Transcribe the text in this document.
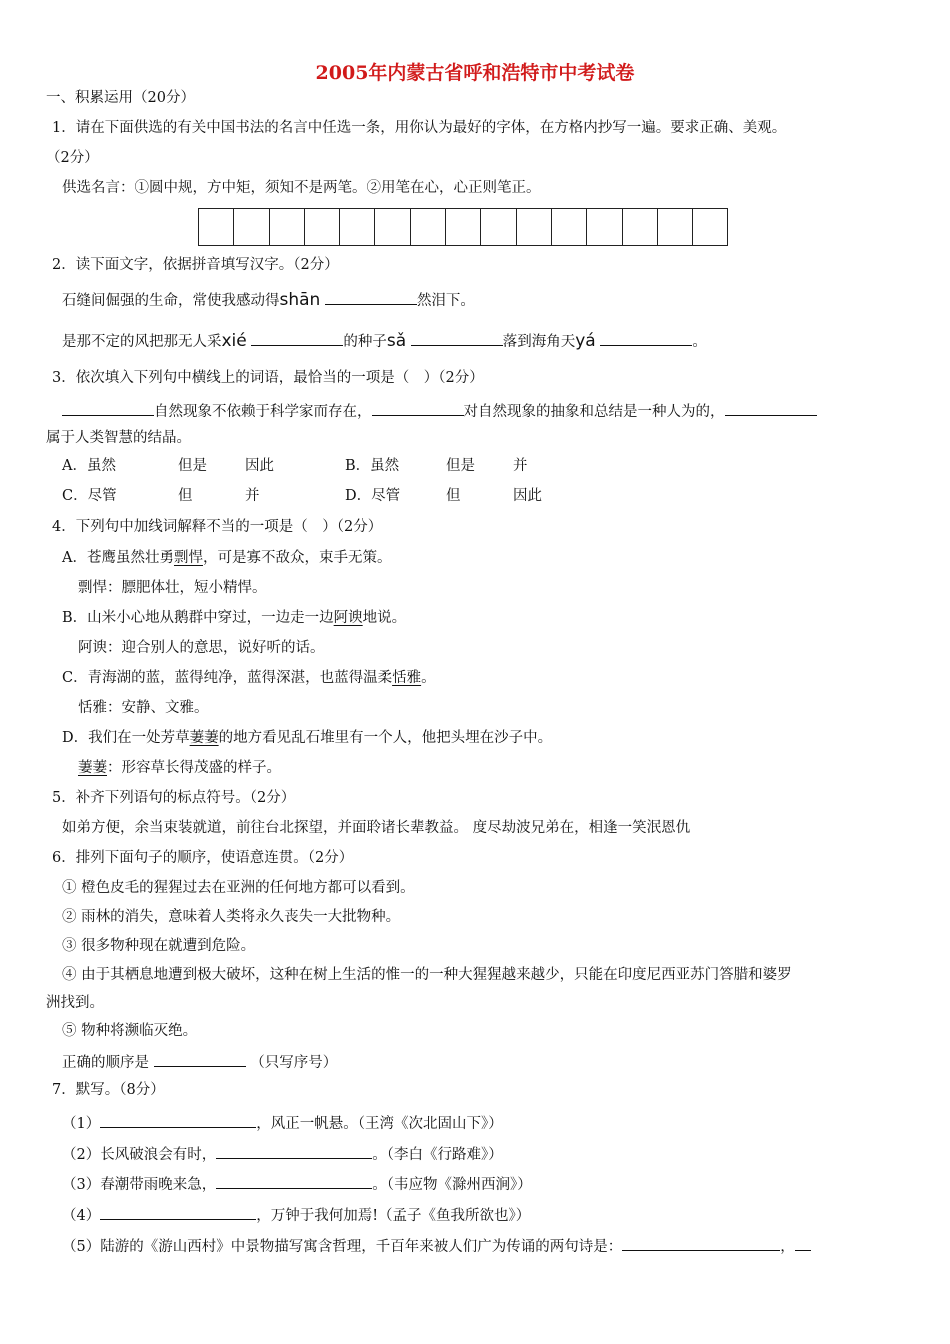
2005年内蒙古省呼和浩特市中考试卷
一、积累运用（20分）
1．请在下面供选的有关中国书法的名言中任选一条，用你认为最好的字体，在方格内抄写一遍。要求正确、美观。
（2分）
供选名言：①圆中规，方中矩，须知不是两笔。②用笔在心，心正则笔正。
2．读下面文字，依据拼音填写汉字。（2分）
石缝间倔强的生命，常使我感动得shān	然泪下。
是那不定的风把那无人采xié	的种子sǎ	落到海角天yá	。
3．依次填入下列句中横线上的词语，最恰当的一项是（　）（2分）
自然现象不依赖于科学家而存在，	对自然现象的抽象和总结是一种人为的，
属于人类智慧的结晶。
A．虽然	但是	因此	B．虽然	但是	并
C．尽管	但	并	D．尽管	但	因此
4．下列句中加线词解释不当的一项是（　）（2分）
A．苍鹰虽然壮勇剽悍，可是寡不敌众，束手无策。
剽悍：膘肥体壮，短小精悍。
B．山米小心地从鹅群中穿过，一边走一边阿谀地说。
阿谀：迎合别人的意思，说好听的话。
C．青海湖的蓝，蓝得纯净，蓝得深湛，也蓝得温柔恬雅。
恬雅：安静、文雅。
D．我们在一处芳草萋萋的地方看见乱石堆里有一个人，他把头埋在沙子中。
萋萋：形容草长得茂盛的样子。
5．补齐下列语句的标点符号。（2分）
如弟方便，余当束装就道，前往台北探望，并面聆诸长辈教益。 度尽劫波兄弟在，相逢一笑泯恩仇
6．排列下面句子的顺序，使语意连贯。（2分）
① 橙色皮毛的猩猩过去在亚洲的任何地方都可以看到。
② 雨林的消失，意味着人类将永久丧失一大批物种。
③ 很多物种现在就遭到危险。
④ 由于其栖息地遭到极大破坏，这种在树上生活的惟一的一种大猩猩越来越少，只能在印度尼西亚苏门答腊和婆罗
洲找到。
⑤ 物种将濒临灭绝。
正确的顺序是	（只写序号）
7．默写。（8分）
（1）	，风正一帆悬。（王湾《次北固山下》）
（2）长风破浪会有时，	。（李白《行路难》）
（3）春潮带雨晚来急，	。（韦应物《滁州西涧》）
（4）	，万钟于我何加焉!（孟子《鱼我所欲也》）
（5）陆游的《游山西村》中景物描写寓含哲理，千百年来被人们广为传诵的两句诗是：	，
